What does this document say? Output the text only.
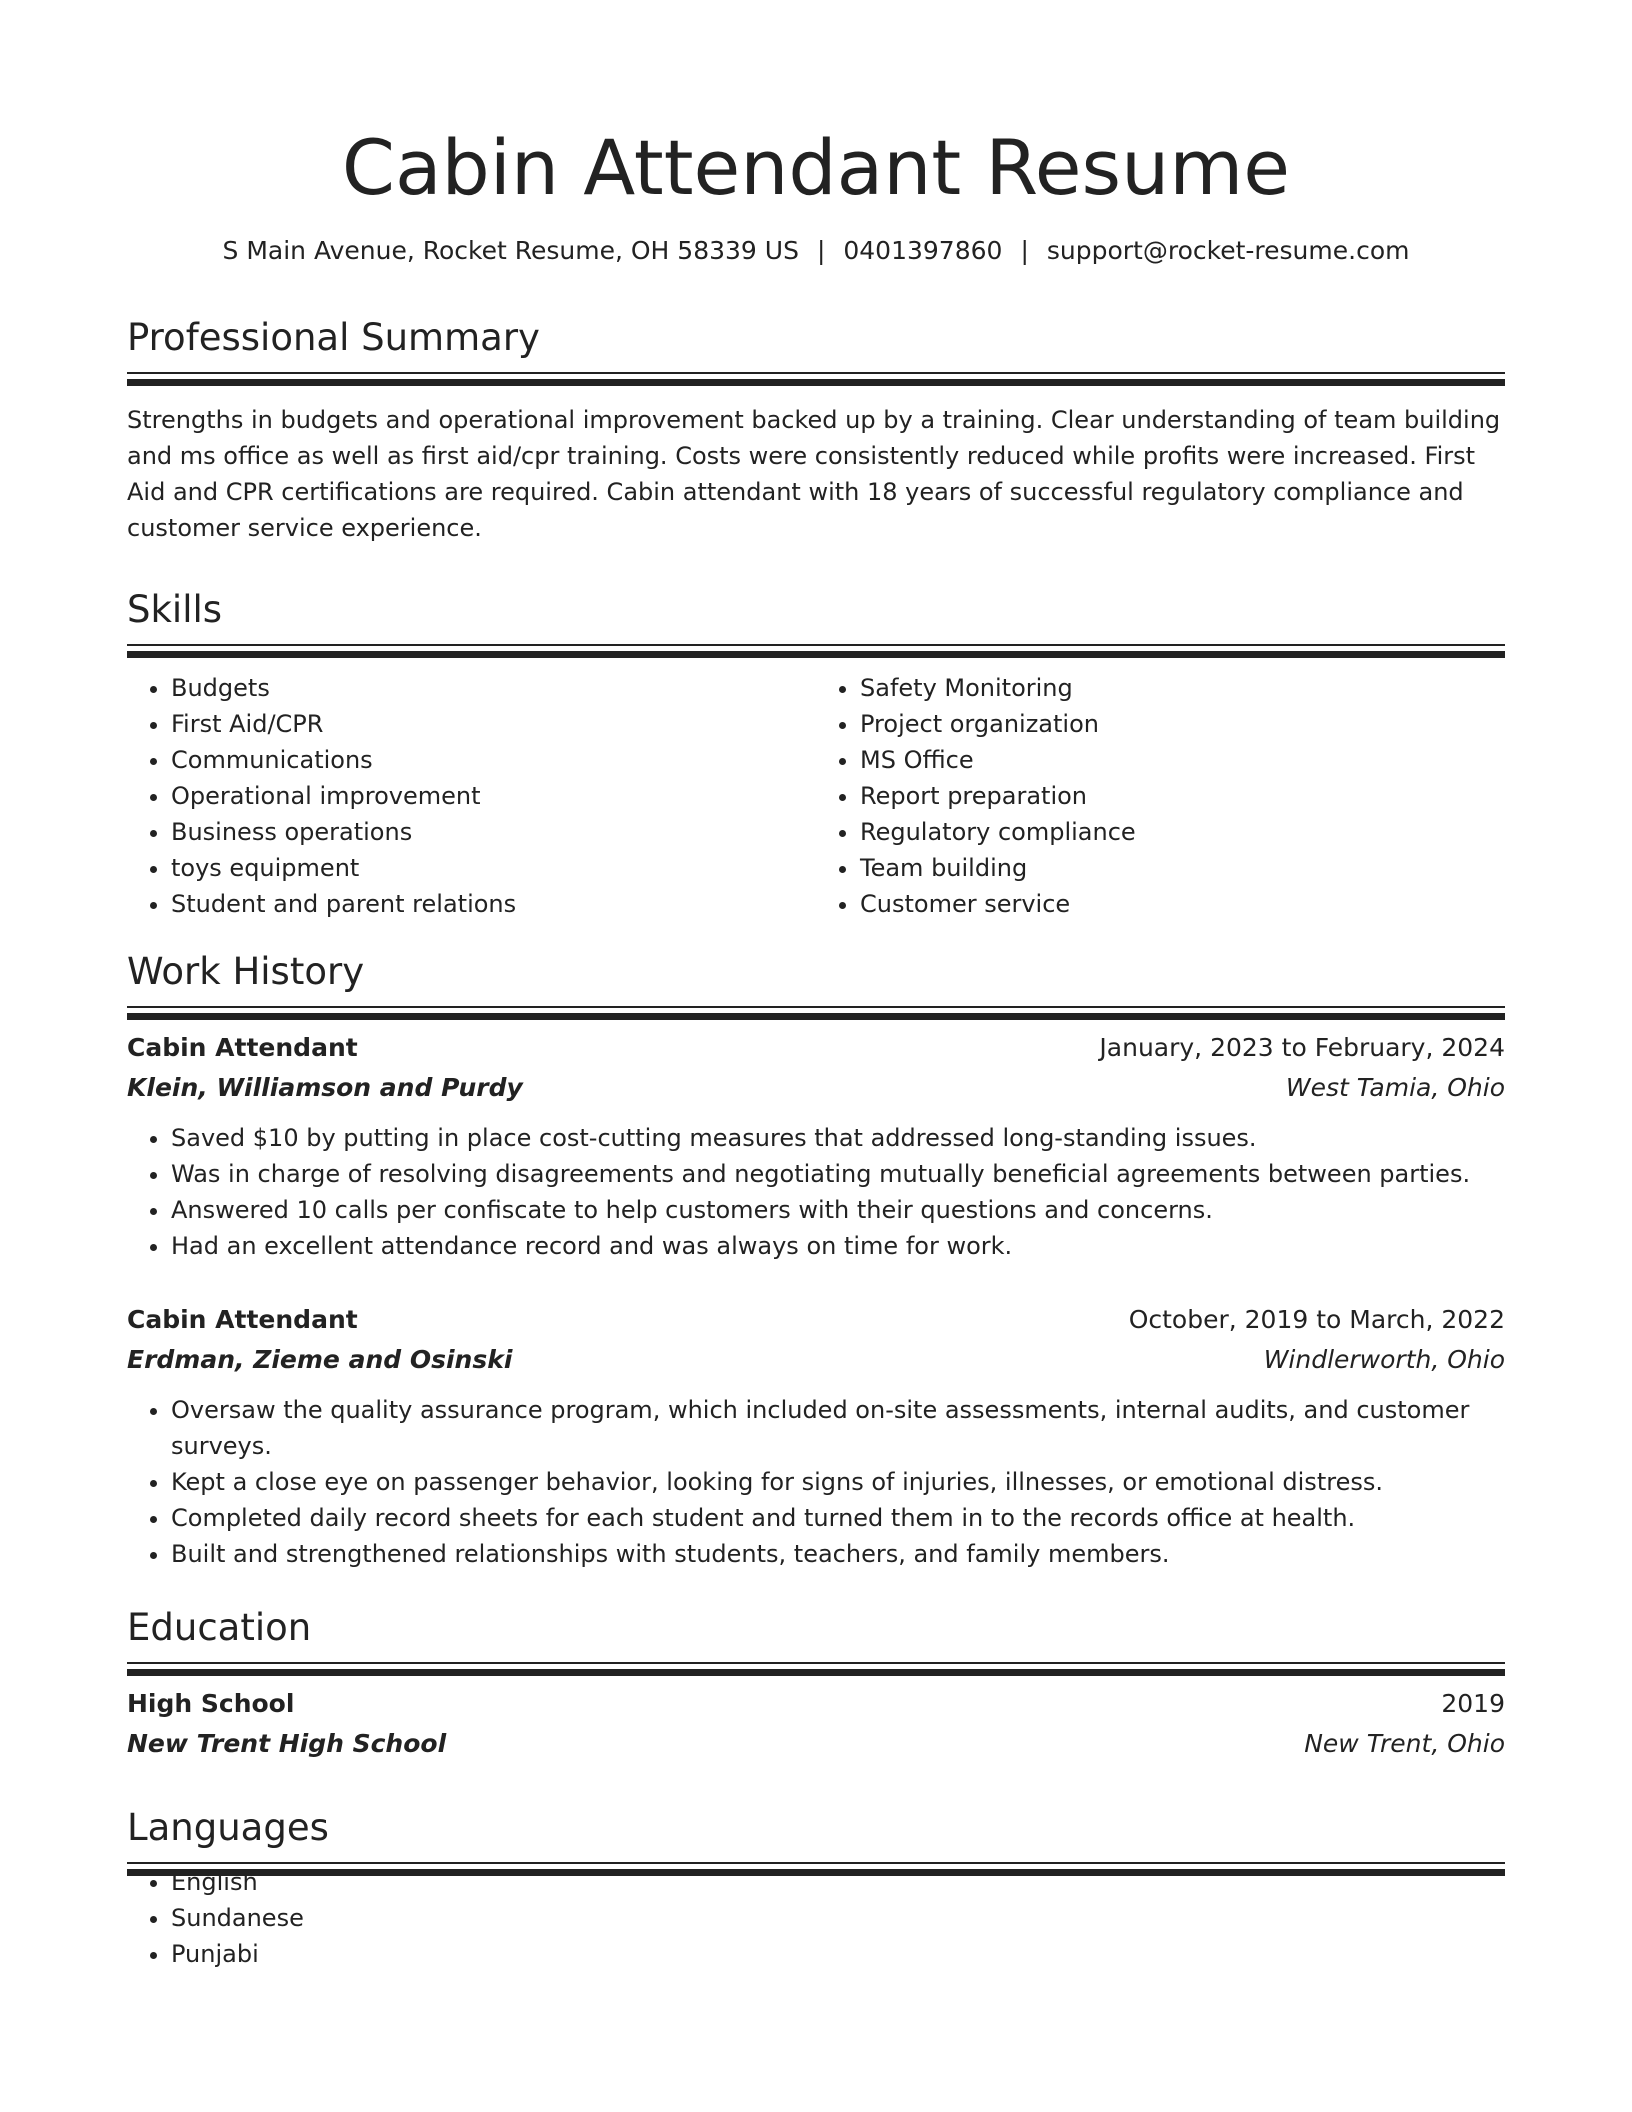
Cabin Attendant Resume
S Main Avenue, Rocket Resume, OH 58339 US | 0401397860 | support@rocket-resume.com
Professional Summary
Strengths in budgets and operational improvement backed up by a training. Clear understanding of team building and ms office as well as first aid/cpr training. Costs were consistently reduced while profits were increased. First Aid and CPR certifications are required. Cabin attendant with 18 years of successful regulatory compliance and customer service experience.
Skills
• Budgets
• First Aid/CPR
• Communications
• Operational improvement
• Business operations
• toys equipment
• Student and parent relations
• Safety Monitoring
• Project organization
• MS Office
• Report preparation
• Regulatory compliance
• Team building
• Customer service
Work History
Cabin Attendant	January, 2023 to February, 2024
Klein, Williamson and Purdy	West Tamia, Ohio
• Saved $10 by putting in place cost-cutting measures that addressed long-standing issues.
• Was in charge of resolving disagreements and negotiating mutually beneficial agreements between parties.
• Answered 10 calls per confiscate to help customers with their questions and concerns.
• Had an excellent attendance record and was always on time for work.
Cabin Attendant	October, 2019 to March, 2022
Erdman, Zieme and Osinski	Windlerworth, Ohio
• Oversaw the quality assurance program, which included on-site assessments, internal audits, and customer surveys.
• Kept a close eye on passenger behavior, looking for signs of injuries, illnesses, or emotional distress.
• Completed daily record sheets for each student and turned them in to the records office at health.
• Built and strengthened relationships with students, teachers, and family members.
Education
High School	2019
New Trent High School	New Trent, Ohio
Languages
• English
• Sundanese
• Punjabi
